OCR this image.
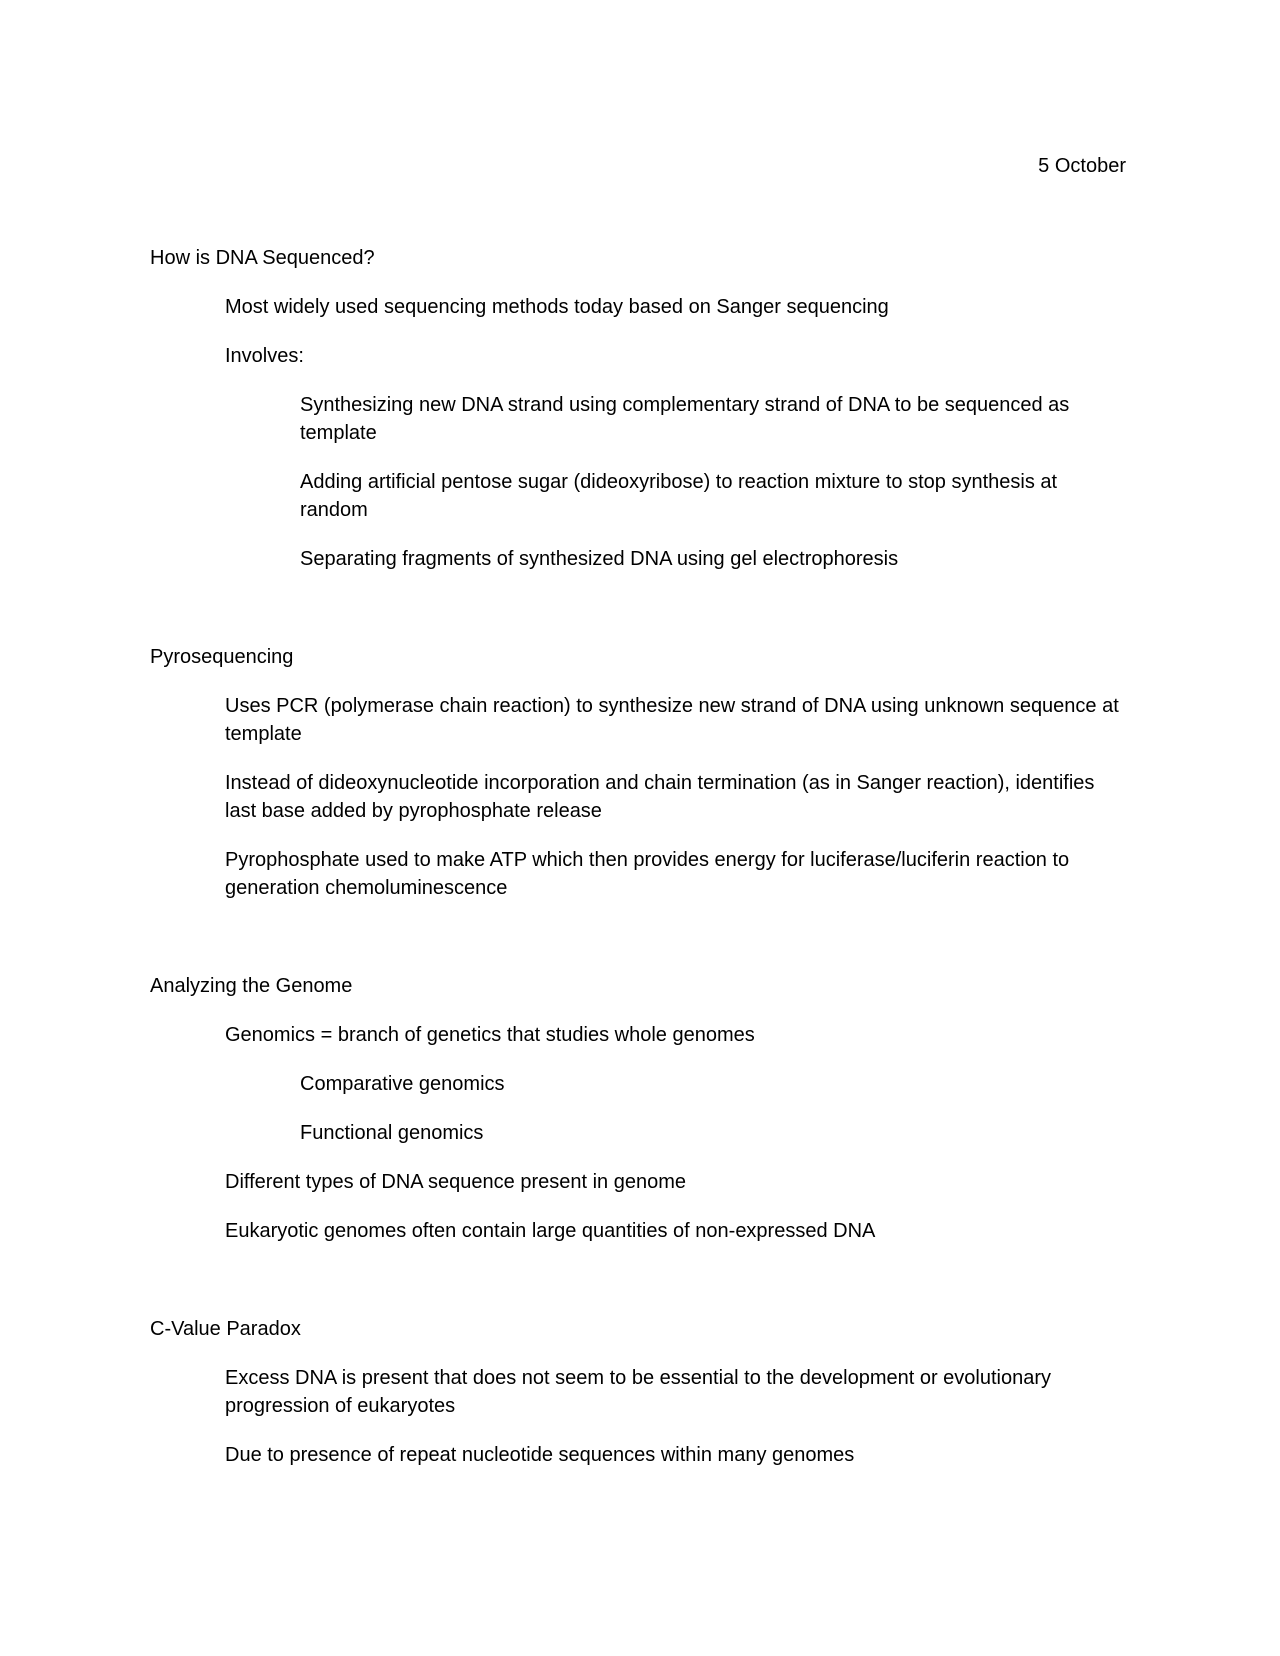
5 October

How is DNA Sequenced?

Most widely used sequencing methods today based on Sanger sequencing

Involves:

Synthesizing new DNA strand using complementary strand of DNA to be sequenced as template

Adding artificial pentose sugar (dideoxyribose) to reaction mixture to stop synthesis at random

Separating fragments of synthesized DNA using gel electrophoresis

Pyrosequencing

Uses PCR (polymerase chain reaction) to synthesize new strand of DNA using unknown sequence at template

Instead of dideoxynucleotide incorporation and chain termination (as in Sanger reaction), identifies last base added by pyrophosphate release

Pyrophosphate used to make ATP which then provides energy for luciferase/luciferin reaction to generation chemoluminescence

Analyzing the Genome

Genomics = branch of genetics that studies whole genomes

Comparative genomics

Functional genomics

Different types of DNA sequence present in genome

Eukaryotic genomes often contain large quantities of non-expressed DNA

C-Value Paradox

Excess DNA is present that does not seem to be essential to the development or evolutionary progression of eukaryotes

Due to presence of repeat nucleotide sequences within many genomes
